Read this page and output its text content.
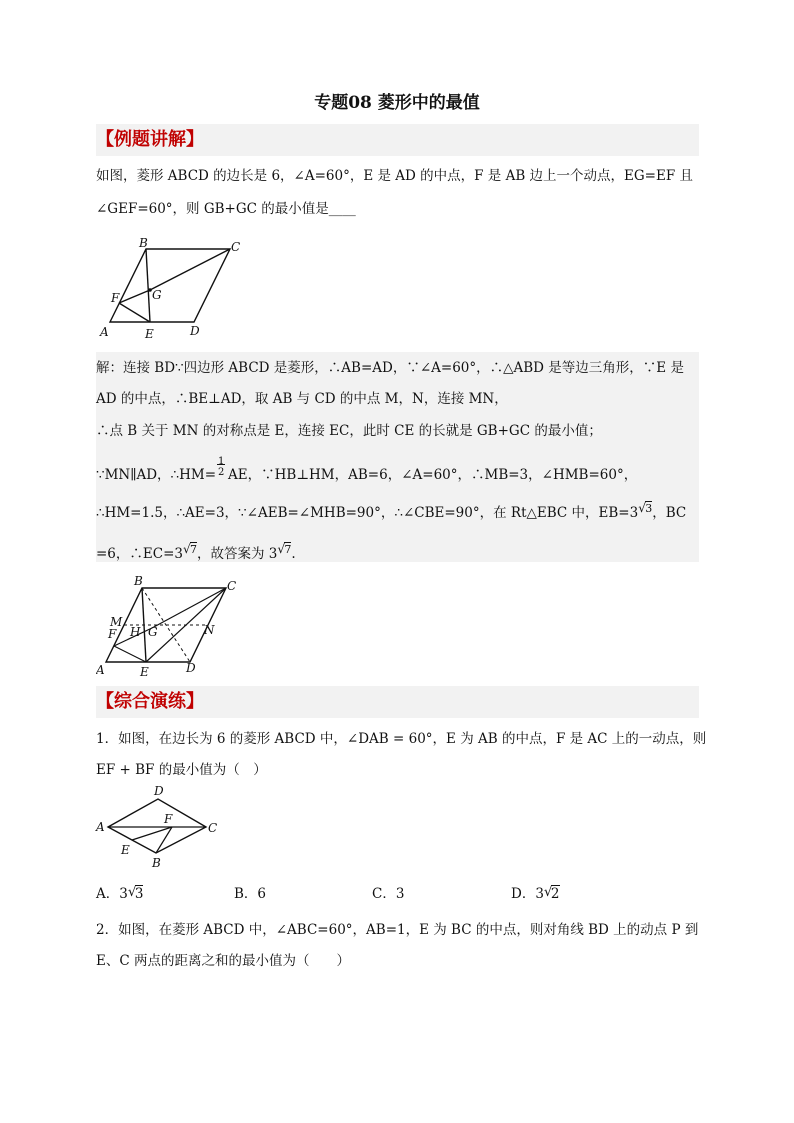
专题08 菱形中的最值
【例题讲解】
如图，菱形 ABCD 的边长是 6，∠A=60°，E 是 AD 的中点，F 是 AB 边上一个动点，EG=EF 且
∠GEF=60°，则 GB+GC 的最小值是____
A
B	C
D
E
F	G
解：连接 BD∵四边形 ABCD 是菱形，∴AB=AD，∵∠A=60°，∴△ABD 是等边三角形，∵E 是
AD 的中点，∴BE⊥AD，取 AB 与 CD 的中点 M，N，连接 MN，
∴点 B 关于 MN 的对称点是 E，连接 EC，此时 CE 的长就是 GB+GC 的最小值；
∵MN∥AD，∴HM=
1
2 AE，∵HB⊥HM，AB=6，∠A=60°，∴MB=3，∠HMB=60°，
∴HM=1.5，∴AE=3，∵∠AEB=∠MHB=90°，∴∠CBE=90°，在 Rt△EBC 中，EB=3 √ $^3$，BC
=6，∴EC=3 √ $^7$，故答案为 3 √ $^7$.
A
B	C
D
E
F	G
H
M
N
【综合演练】
1．如图，在边长为 6 的菱形 ABCD 中，∠DAB = 60°，E 为 AB 的中点，F 是 AC 上的一动点，则
EF + BF 的最小值为（　）
A
D
C
B
E
F
A．3 √
3	B．6	C．3	D．3 √
2
2．如图，在菱形 ABCD 中，∠ABC=60°，AB=1，E 为 BC 的中点，则对角线 BD 上的动点 P 到
E、C 两点的距离之和的最小值为（　　）
